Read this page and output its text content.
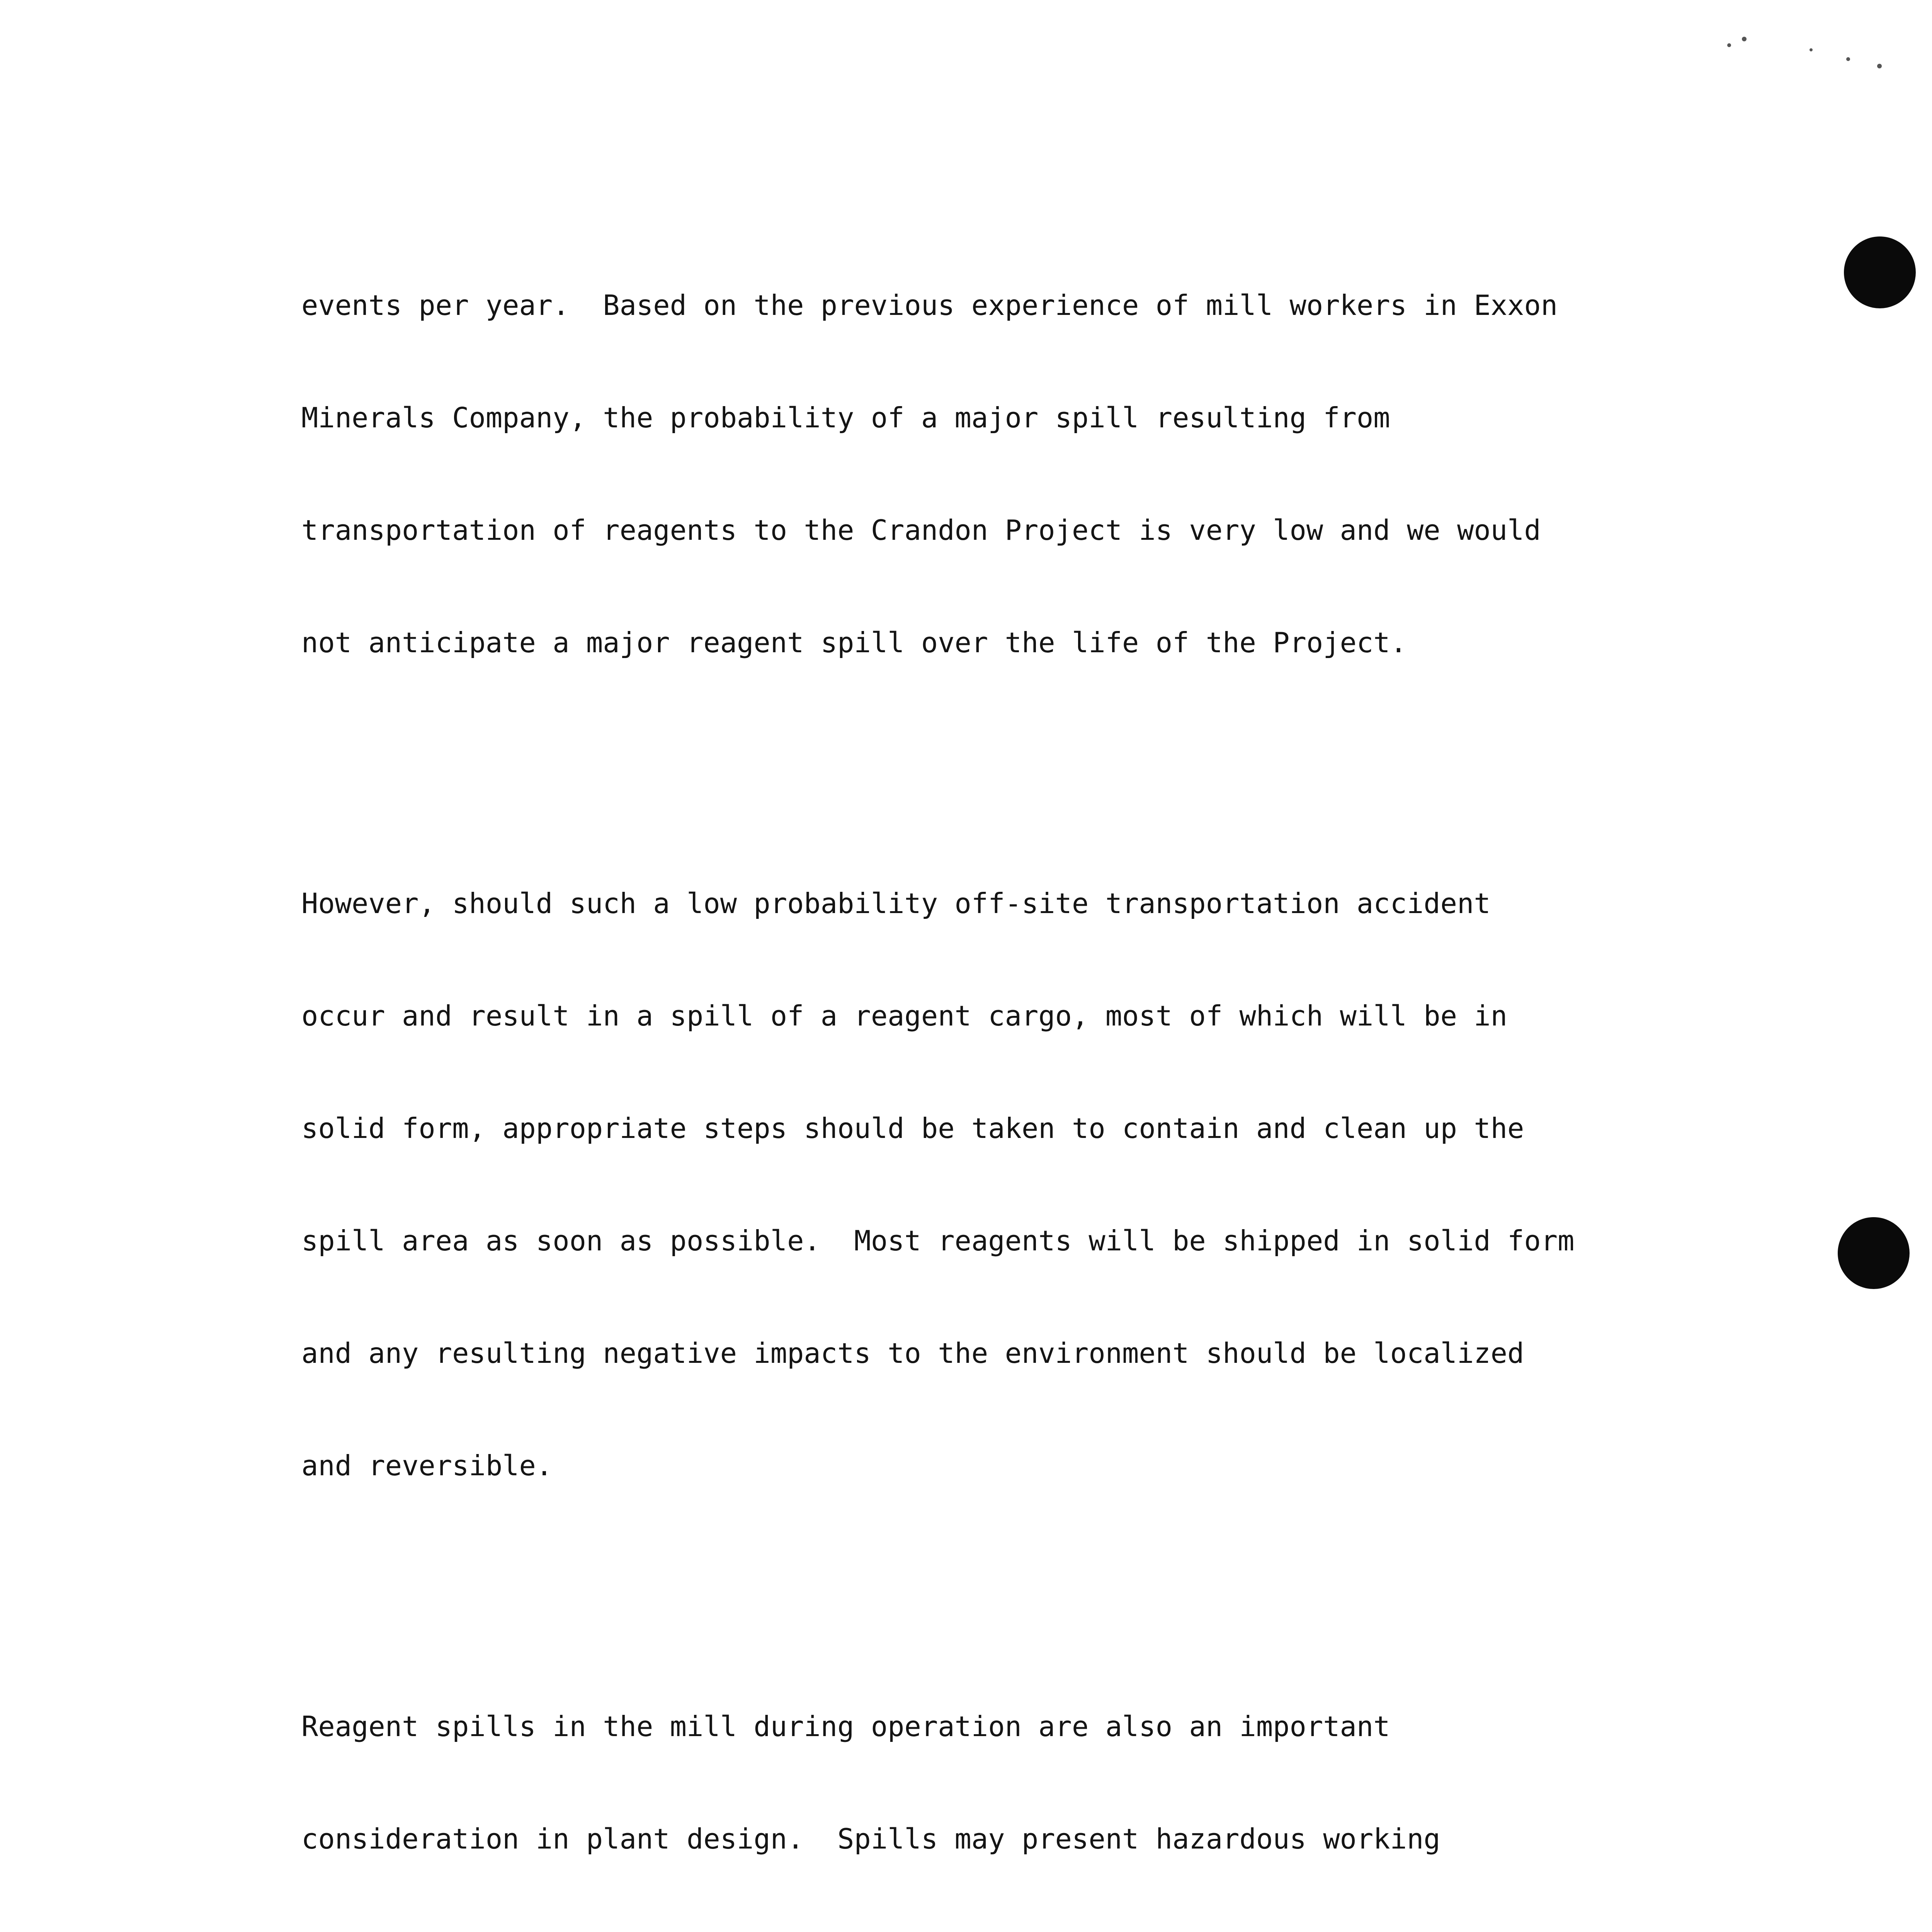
events per year.  Based on the previous experience of mill workers in Exxon

Minerals Company, the probability of a major spill resulting from

transportation of reagents to the Crandon Project is very low and we would

not anticipate a major reagent spill over the life of the Project.

However, should such a low probability off-site transportation accident

occur and result in a spill of a reagent cargo, most of which will be in

solid form, appropriate steps should be taken to contain and clean up the

spill area as soon as possible.  Most reagents will be shipped in solid form

and any resulting negative impacts to the environment should be localized

and reversible.

Reagent spills in the mill during operation are also an important

consideration in plant design.  Spills may present hazardous working
